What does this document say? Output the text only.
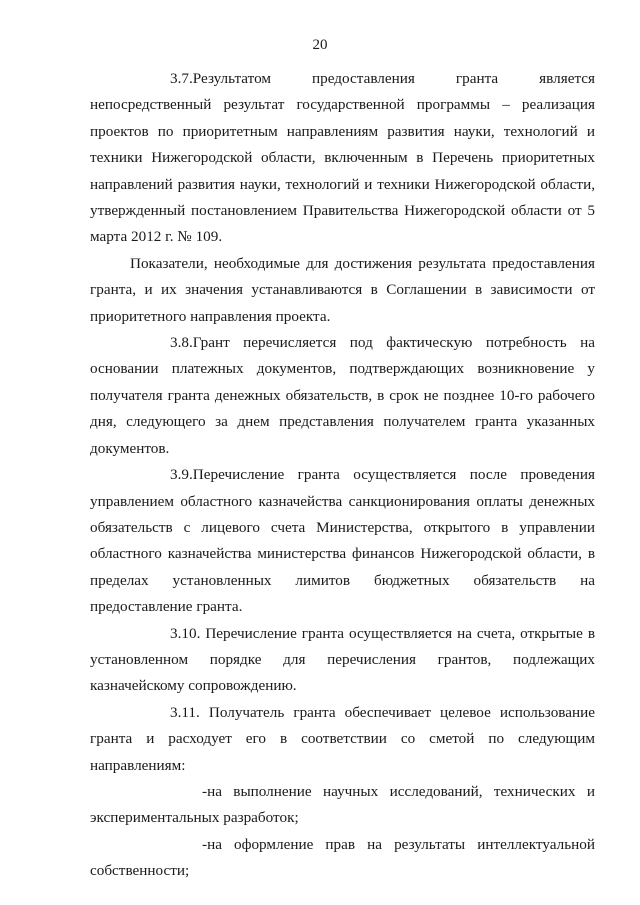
20

3.7.Результатом предоставления гранта является непосредственный результат государственной программы – реализация проектов по приоритетным направлениям развития науки, технологий и техники Нижегородской области, включенным в Перечень приоритетных направлений развития науки, технологий и техники Нижегородской области, утвержденный постановлением Правительства Нижегородской области от 5 марта 2012 г. № 109.

Показатели, необходимые для достижения результата предоставления гранта, и их значения устанавливаются в Соглашении в зависимости от приоритетного направления проекта.

3.8.Грант перечисляется под фактическую потребность на основании платежных документов, подтверждающих возникновение у получателя гранта денежных обязательств, в срок не позднее 10-го рабочего дня, следующего за днем представления получателем гранта указанных документов.

3.9.Перечисление гранта осуществляется после проведения управлением областного казначейства санкционирования оплаты денежных обязательств с лицевого счета Министерства, открытого в управлении областного казначейства министерства финансов Нижегородской области, в пределах установленных лимитов бюджетных обязательств на предоставление гранта.

3.10. Перечисление гранта осуществляется на счета, открытые в установленном порядке для перечисления грантов, подлежащих казначейскому сопровождению.

3.11. Получатель гранта обеспечивает целевое использование гранта и расходует его в соответствии со сметой по следующим направлениям:

-на выполнение научных исследований, технических и экспериментальных разработок;

-на оформление прав на результаты интеллектуальной собственности;
